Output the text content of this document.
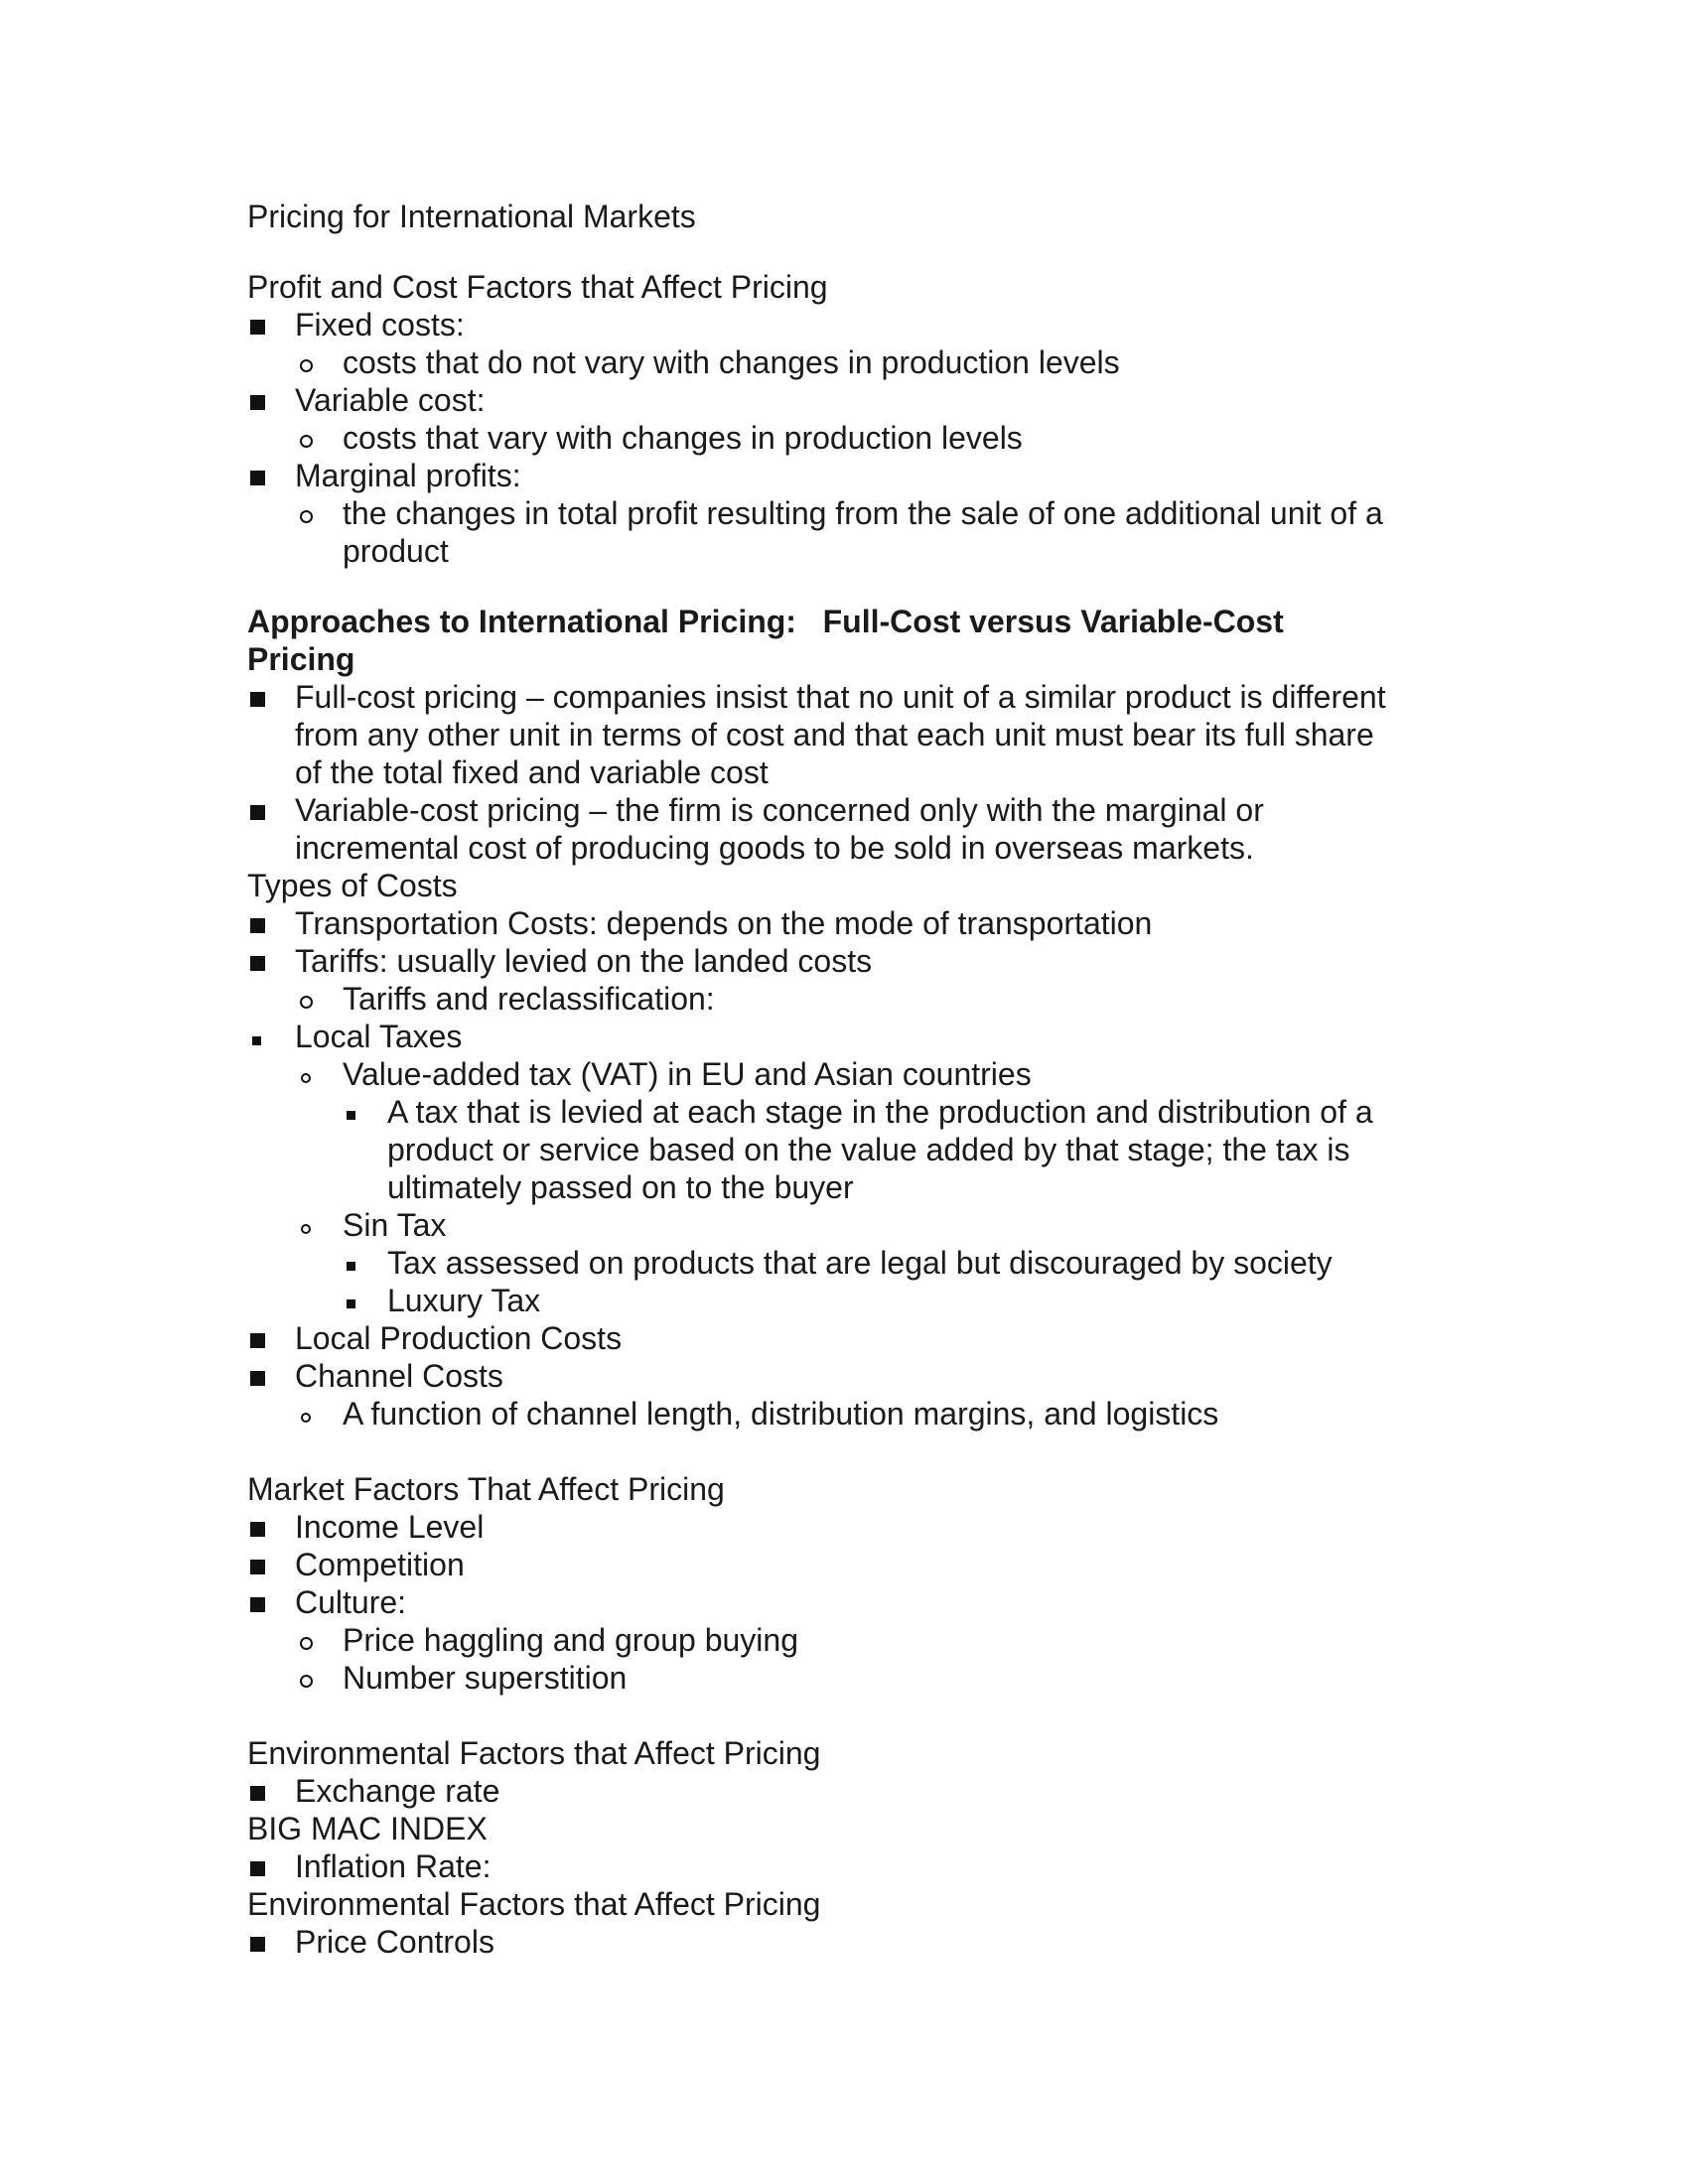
Pricing for International Markets
Profit and Cost Factors that Affect Pricing
Fixed costs:
costs that do not vary with changes in production levels
Variable cost:
costs that vary with changes in production levels
Marginal profits:
the changes in total profit resulting from the sale of one additional unit of a
product
Approaches to International Pricing:   Full-Cost versus Variable-Cost
Pricing
Full-cost pricing – companies insist that no unit of a similar product is different
from any other unit in terms of cost and that each unit must bear its full share
of the total fixed and variable cost
Variable-cost pricing – the firm is concerned only with the marginal or
incremental cost of producing goods to be sold in overseas markets.
Types of Costs
Transportation Costs: depends on the mode of transportation
Tariffs: usually levied on the landed costs
Tariffs and reclassification:
Local Taxes
Value-added tax (VAT) in EU and Asian countries
A tax that is levied at each stage in the production and distribution of a
product or service based on the value added by that stage; the tax is
ultimately passed on to the buyer
Sin Tax
Tax assessed on products that are legal but discouraged by society
Luxury Tax
Local Production Costs
Channel Costs
A function of channel length, distribution margins, and logistics
Market Factors That Affect Pricing
Income Level
Competition
Culture:
Price haggling and group buying
Number superstition
Environmental Factors that Affect Pricing
Exchange rate
BIG MAC INDEX
Inflation Rate:
Environmental Factors that Affect Pricing
Price Controls
